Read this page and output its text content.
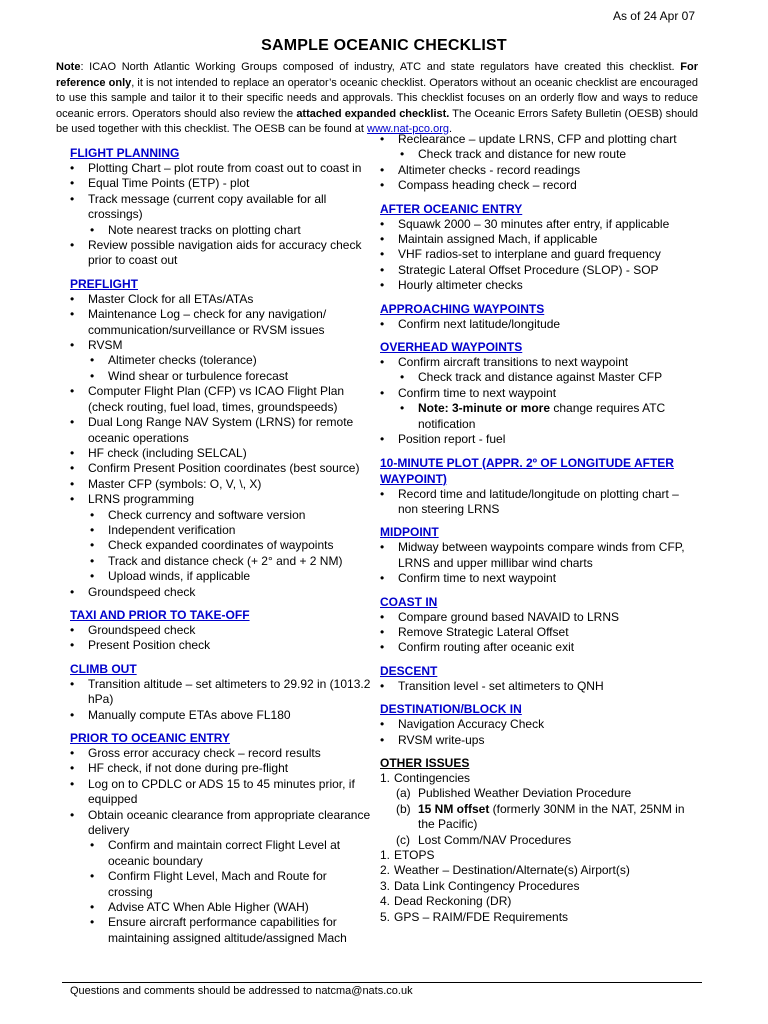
As of 24 Apr 07
SAMPLE OCEANIC CHECKLIST
Note: ICAO North Atlantic Working Groups composed of industry, ATC and state regulators have created this checklist. For reference only, it is not intended to replace an operator’s oceanic checklist. Operators without an oceanic checklist are encouraged to use this sample and tailor it to their specific needs and approvals. This checklist focuses on an orderly flow and ways to reduce oceanic errors. Operators should also review the attached expanded checklist. The Oceanic Errors Safety Bulletin (OESB) should be used together with this checklist. The OESB can be found at www.nat-pco.org.
FLIGHT PLANNING
• Plotting Chart – plot route from coast out to coast in
• Equal Time Points (ETP) - plot
• Track message (current copy available for all crossings)
• Note nearest tracks on plotting chart
• Review possible navigation aids for accuracy check prior to coast out
PREFLIGHT
• Master Clock for all ETAs/ATAs
• Maintenance Log – check for any navigation/ communication/surveillance or RVSM issues
• RVSM
• Altimeter checks (tolerance)
• Wind shear or turbulence forecast
• Computer Flight Plan (CFP) vs ICAO Flight Plan (check routing, fuel load, times, groundspeeds)
• Dual Long Range NAV System (LRNS) for remote oceanic operations
• HF check (including SELCAL)
• Confirm Present Position coordinates (best source)
• Master CFP (symbols: O, V, \, X)
• LRNS programming
• Check currency and software version
• Independent verification
• Check expanded coordinates of waypoints
• Track and distance check (+ 2° and + 2 NM)
• Upload winds, if applicable
• Groundspeed check
TAXI AND PRIOR TO TAKE-OFF
• Groundspeed check
• Present Position check
CLIMB OUT
• Transition altitude – set altimeters to 29.92 in (1013.2 hPa)
• Manually compute ETAs above FL180
PRIOR TO OCEANIC ENTRY
• Gross error accuracy check – record results
• HF check, if not done during pre-flight
• Log on to CPDLC or ADS 15 to 45 minutes prior, if equipped
• Obtain oceanic clearance from appropriate clearance delivery
• Confirm and maintain correct Flight Level at oceanic boundary
• Confirm Flight Level, Mach and Route for crossing
• Advise ATC When Able Higher (WAH)
• Ensure aircraft performance capabilities for maintaining assigned altitude/assigned Mach
• Reclearance – update LRNS, CFP and plotting chart
• Check track and distance for new route
• Altimeter checks - record readings
• Compass heading check – record
AFTER OCEANIC ENTRY
• Squawk 2000 – 30 minutes after entry, if applicable
• Maintain assigned Mach, if applicable
• VHF radios-set to interplane and guard frequency
• Strategic Lateral Offset Procedure (SLOP) - SOP
• Hourly altimeter checks
APPROACHING WAYPOINTS
• Confirm next latitude/longitude
OVERHEAD WAYPOINTS
• Confirm aircraft transitions to next waypoint
• Check track and distance against Master CFP
• Confirm time to next waypoint
• Note: 3-minute or more change requires ATC notification
• Position report - fuel
10-MINUTE PLOT (APPR. 2º OF LONGITUDE AFTER WAYPOINT)
• Record time and latitude/longitude on plotting chart – non steering LRNS
MIDPOINT
• Midway between waypoints compare winds from CFP, LRNS and upper millibar wind charts
• Confirm time to next waypoint
COAST IN
• Compare ground based NAVAID to LRNS
• Remove Strategic Lateral Offset
• Confirm routing after oceanic exit
DESCENT
• Transition level - set altimeters to QNH
DESTINATION/BLOCK IN
• Navigation Accuracy Check
• RVSM write-ups
OTHER ISSUES
1. Contingencies
(a) Published Weather Deviation Procedure
(b) 15 NM offset (formerly 30NM in the NAT, 25NM in the Pacific)
(c) Lost Comm/NAV Procedures
1. ETOPS
2. Weather – Destination/Alternate(s) Airport(s)
3. Data Link Contingency Procedures
4. Dead Reckoning (DR)
5. GPS – RAIM/FDE Requirements
Questions and comments should be addressed to natcma@nats.co.uk
